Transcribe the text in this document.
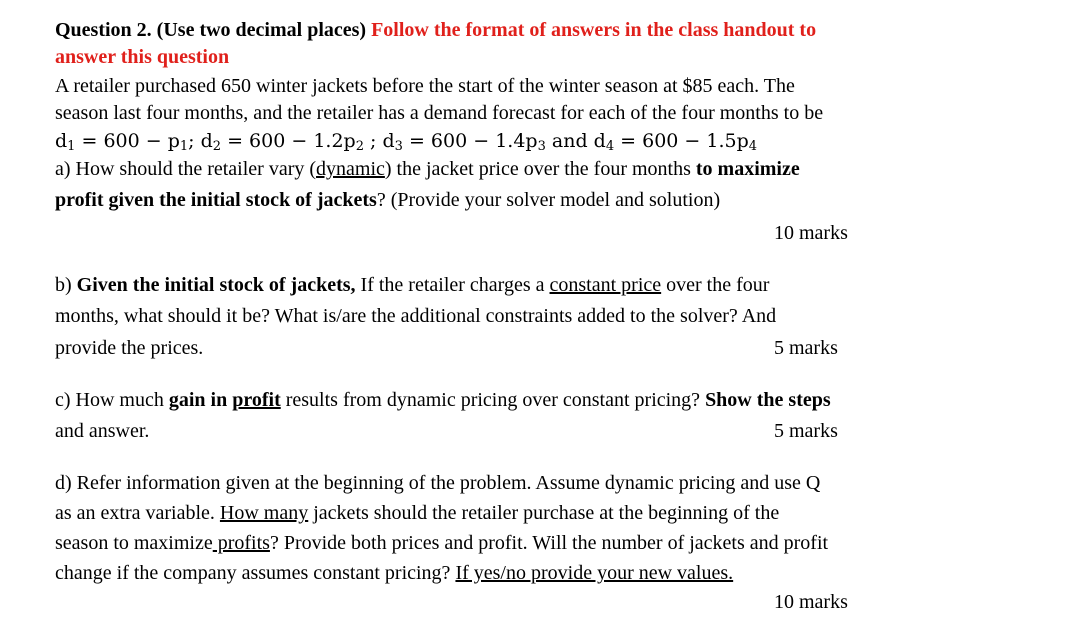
Question 2. (Use two decimal places) Follow the format of answers in the class handout to
answer this question
A retailer purchased 650 winter jackets before the start of the winter season at $85 each. The
season last four months, and the retailer has a demand forecast for each of the four months to be
$d_1 = 600 - p_1$; $d_2 = 600 - 1.2p_2$ ; $d_3 = 600 - 1.4p_3$ and $d_4 = 600 - 1.5p_4$
a) How should the retailer vary (dynamic) the jacket price over the four months to maximize
profit given the initial stock of jackets? (Provide your solver model and solution)
10 marks
b) Given the initial stock of jackets, If the retailer charges a constant price over the four
months, what should it be? What is/are the additional constraints added to the solver? And
provide the prices.	5 marks
c) How much gain in profit results from dynamic pricing over constant pricing? Show the steps
and answer.	5 marks
d) Refer information given at the beginning of the problem. Assume dynamic pricing and use Q
as an extra variable. How many jackets should the retailer purchase at the beginning of the
season to maximize profits? Provide both prices and profit. Will the number of jackets and profit
change if the company assumes constant pricing? If yes/no provide your new values.
10 marks
